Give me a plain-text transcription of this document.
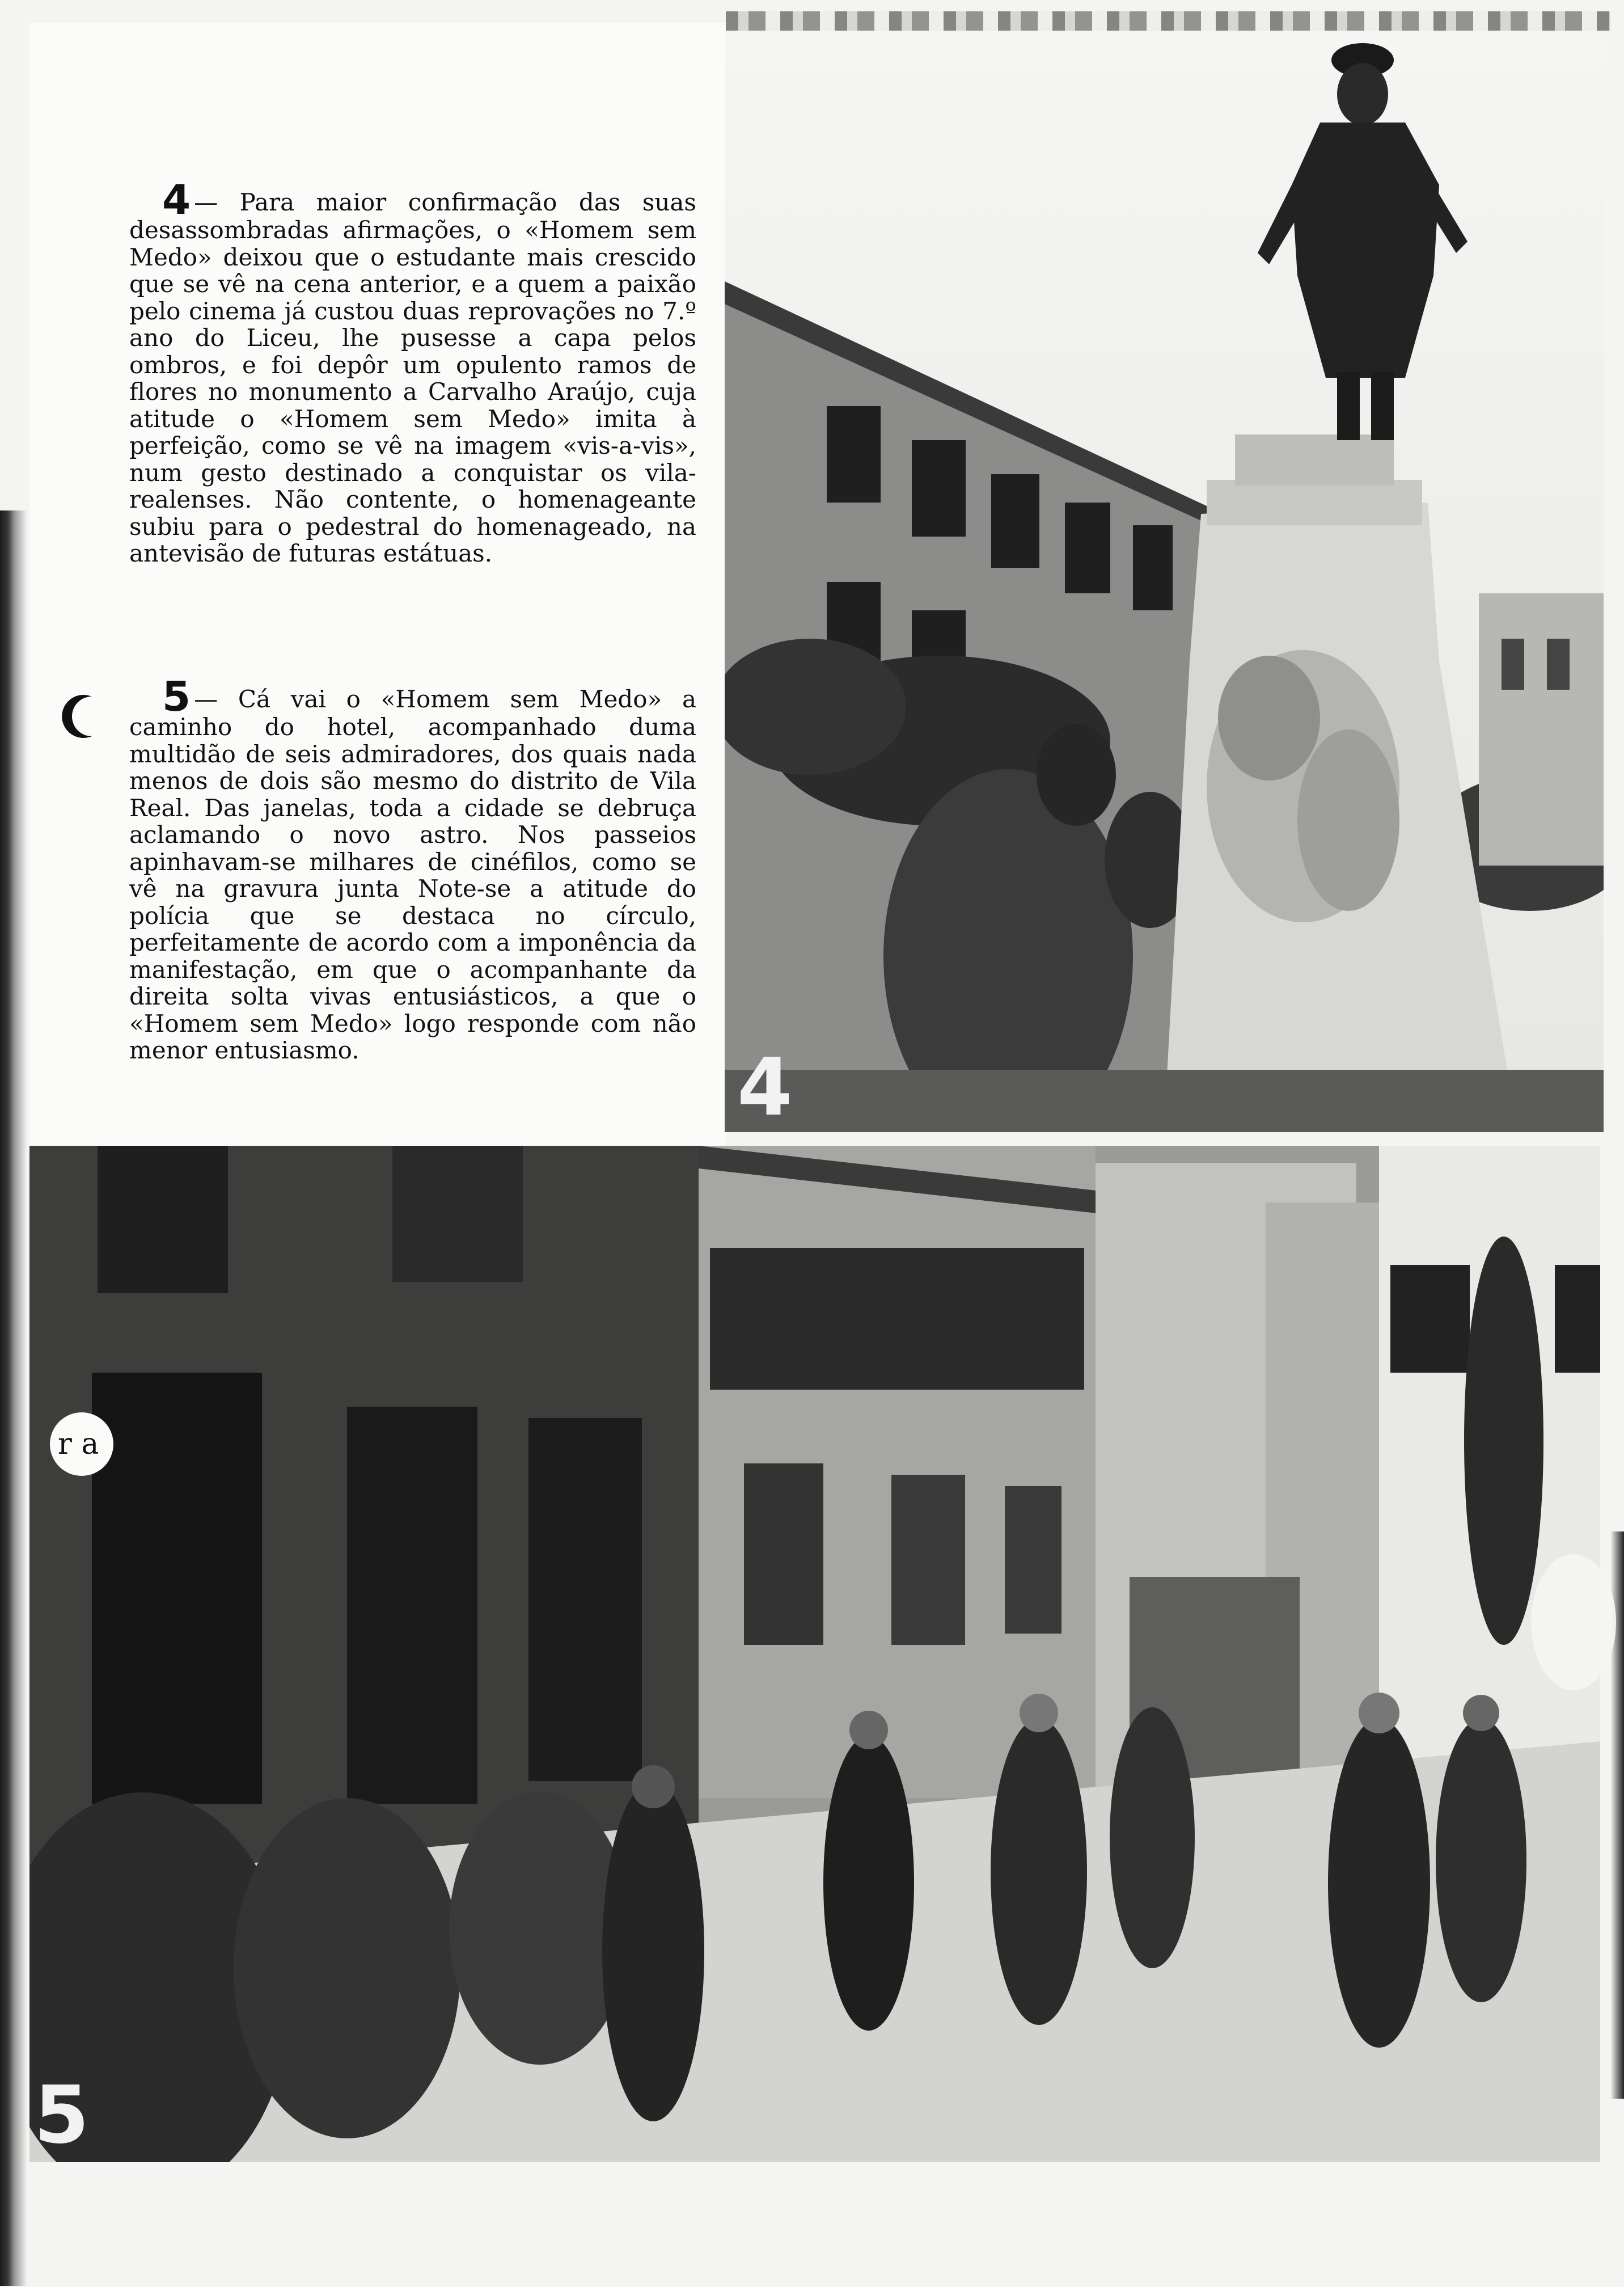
4 — Para maior confirmação das suas desassombradas afirmações, o «Homem sem Medo» deixou que o estudante mais crescido que se vê na cena anterior, e a quem a paixão pelo cinema já custou duas reprovações no 7.º ano do Liceu, lhe pusesse a capa pelos ombros, e foi depôr um opulento ramos de flores no monumento a Carvalho Araújo, cuja atitude o «Homem sem Medo» imita à perfeição, como se vê na imagem «vis-a-vis», num gesto destinado a conquistar os vila-realenses. Não contente, o homenageante subiu para o pedestral do homenageado, na antevisão de futuras estátuas.
5 — Cá vai o «Homem sem Medo» a caminho do hotel, acompanhado duma multidão de seis admiradores, dos quais nada menos de dois são mesmo do distrito de Vila Real. Das janelas, toda a cidade se debruça aclamando o novo astro. Nos passeios apinhavam-se milhares de cinéfilos, como se vê na gravura junta Note-se a atitude do polícia que se destaca no círculo, perfeitamente de acordo com a imponência da manifestação, em que o acompanhante da direita solta vivas entusiásticos, a que o «Homem sem Medo» logo responde com não menor entusiasmo.	4
5
r a
